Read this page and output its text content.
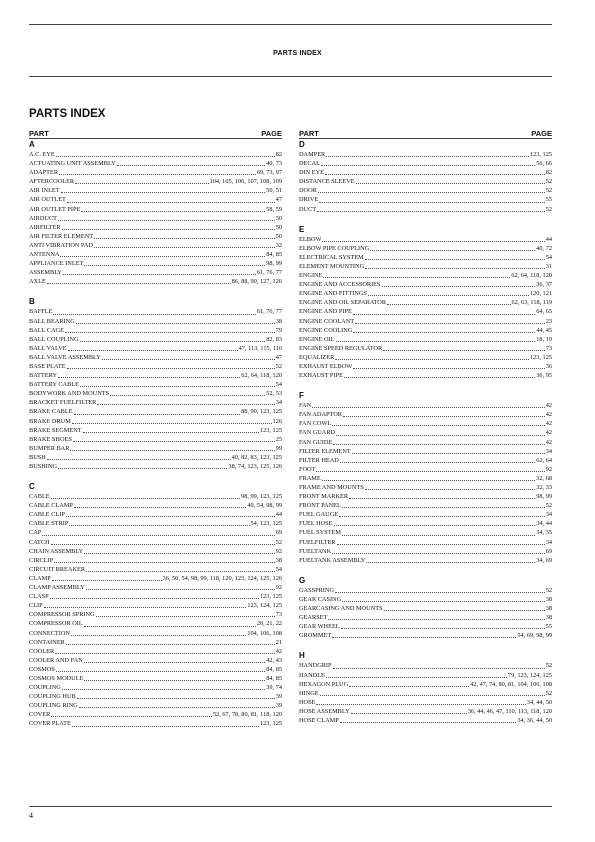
PARTS INDEX
PARTS INDEX
PART	PAGE
A
A.C. EYE	82
ACTUATING UNIT ASSEMBLY	40, 73
ADAPTER	69, 73, 97
AFTERCOOLER	104, 105, 106, 107, 108, 109
AIR INLET	50, 51
AIR OUTLET	47
AIR OUTLET PIPE	58, 59
AIRDUCT	50
AIRFILTER	50
AIR FILTER ELEMENT	50
ANTI VIBRATION PAD	32
ANTENNA	84, 85
APPLIANCE INLET	98, 99
ASSEMBLY	61, 76, 77
AXLE	86, 88, 90, 127, 126
B
BAFFLE	61, 76, 77
BALL BEARING	38
BALL CAGE	79
BALL COUPLING	82, 83
BALL VALVE	47, 113, 115, 116
BALL VALVE ASSEMBLY	47
BASE PLATE	52
BATTERY	62, 64, 118, 120
BATTERY CABLE	54
BODYWORK AND MOUNTS	52, 53
BRACKET FUELFILTER	34
BRAKE CABLE	88, 90, 123, 125
BRAKE DRUM	126
BRAKE SEGMENT	123, 125
BRAKE SHOES	25
BUMPER BAR	99
BUSH	40, 82, 83, 123, 125
BUSHING	38, 74, 123, 125, 126
C
CABLE	98, 99, 123, 125
CABLE CLAMP	40, 54, 98, 99
CABLE CLIP	44
CABLE STRIP	54, 123, 125
CAP	69
CATCH	52
CHAIN ASSEMBLY	92
CIRCLIP	38
CIRCUIT BREAKER	54
CLAMP	36, 50, 54, 98, 99, 118, 120, 123, 124, 125, 126
CLAMP ASSEMBLY	92
CLASP	123, 125
CLIP	123, 124, 125
COMPRESSOR SPRING	73
COMPRESSOR OIL	20, 21, 22
CONNECTION	104, 106, 108
CONTAINER	21
COOLER	42
COOLER AND FAN	42, 43
COSMOS	84, 85
COSMOS MODULE	84, 85
COUPLING	39, 74
COUPLING HUB	39
COUPLING RING	39
COVER	52, 67, 78, 80, 81, 118, 120
COVER PLATE	123, 125
PART	PAGE
D
DAMPER	123, 125
DECAL	56, 66
DIN EYE	82
DISTANCE SLEEVE	52
DOOR	52
DRIVE	55
DUCT	52
E
ELBOW	44
ELBOW PIPE COUPLING	40, 72
ELECTRICAL SYSTEM	54
ELEMENT MOUNTING	31
ENGINE	62, 64, 118, 120
ENGINE AND ACCESSORIES	36, 37
ENGINE AND FITTINGS	120, 121
ENGINE AND OIL SEPARATOR	62, 63, 118, 119
ENGINE AND PIPE	64, 65
ENGINE COOLANT	23
ENGINE COOLING	44, 45
ENGINE OIL	18, 19
ENGINE SPEED REGULATOR	73
EQUALIZER	123, 125
EXHAUST ELBOW	36
EXHAUST PIPE	36, 95
F
FAN	42
FAN ADAPTOR	42
FAN COWL	42
FAN GUARD	42
FAN GUIDE	42
FILTER ELEMENT	34
FILTER HEAD	62, 64
FOOT	92
FRAME	32, 68
FRAME AND MOUNTS	32, 33
FRONT MARKER	98, 99
FRONT PANEL	52
FUEL GAUGE	34
FUEL HOSE	34, 44
FUEL SYSTEM	34, 35
FUELFILTER	34
FUELTANK	69
FUELTANK ASSEMBLY	34, 69
G
GASSPRING	52
GEAR CASING	38
GEARCASING AND MOUNTS	38
GEARSET	38
GEAR WHEEL	55
GROMMET	54, 69, 98, 99
H
HANDGRIP	52
HANDLE	79, 123, 124, 125
HEXAGON PLUG	42, 47, 74, 80, 81, 104, 106, 108
HINGE	52
HOSE	34, 44, 50
HOSE ASSEMBLY	36, 44, 46, 47, 110, 113, 118, 120
HOSE CLAMP	34, 36, 44, 50
4
